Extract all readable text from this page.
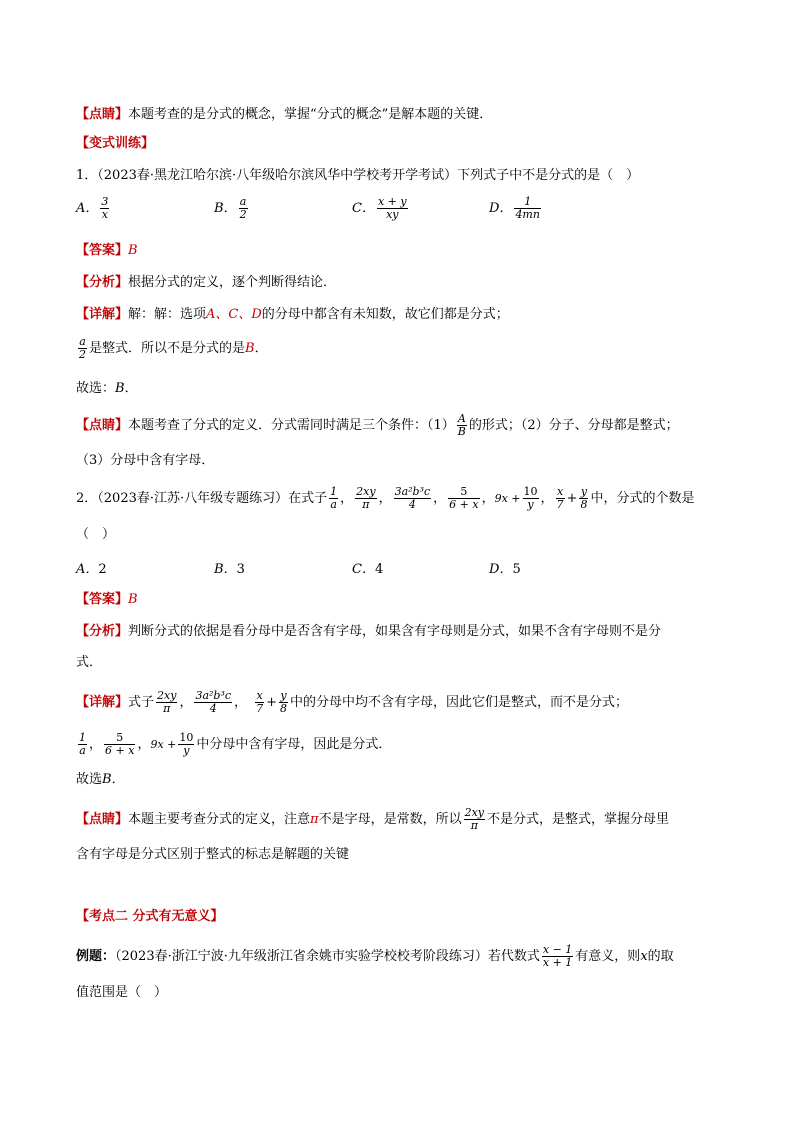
【点睛】本题考查的是分式的概念，掌握“分式的概念”是解本题的关键．
【变式训练】
1．（2023春·黑龙江哈尔滨·八年级哈尔滨风华中学校考开学考试）下列式子中不是分式的是（　）
A． $\frac{3}{x}$	B． $\frac{a}{2}$	C． $\frac{x + y}{xy}$	D． $\frac{1}{4mn}$
【答案】B
【分析】根据分式的定义，逐个判断得结论．
【详解】解：解：选项A、C、D的分母中都含有未知数，故它们都是分式；
$\frac{a}{2}$ 是整式．所以不是分式的是B．
故选：B．
【点睛】本题考查了分式的定义．分式需同时满足三个条件：$(1) \frac{A}{B}$ 的形式；（2）分子、分母都是整式；
（3）分母中含有字母．
2．（2023春·江苏·八年级专题练习）在式子 $\frac{1}{a}$ ， $\frac{2xy}{\pi}$ ， $\frac{\text{3a²b³c}}{4}$ ， $\frac{5}{6 + x}$ ，$9x + \frac{10}{y}$ ， $\frac{x}{7} + \frac{y}{8}$ 中，分式的个数是
（　）
A．2	B．3	C．4	D．5
【答案】B
【分析】判断分式的依据是看分母中是否含有字母，如果含有字母则是分式，如果不含有字母则不是分
式．
【详解】式子 $\frac{2xy}{\pi}$ ， $\frac{\text{3a²b³c}}{4}$ ， $\frac{x}{7} + \frac{y}{8}$ 中的分母中均不含有字母，因此它们是整式，而不是分式；
$\frac{1}{a}$ ， $\frac{5}{6 + x}$ ，$9x + \frac{10}{y}$ 中分母中含有字母，因此是分式．
故选B．
【点睛】本题主要考查分式的定义，注意π不是字母，是常数，所以 $\frac{2xy}{\pi}$ 不是分式，是整式，掌握分母里
含有字母是分式区别于整式的标志是解题的关键
【考点二 分式有无意义】
例题：（2023春·浙江宁波·九年级浙江省余姚市实验学校校考阶段练习）若代数式 $\frac{x - 1}{x + 1}$ 有意义，则x的取
值范围是（　）
